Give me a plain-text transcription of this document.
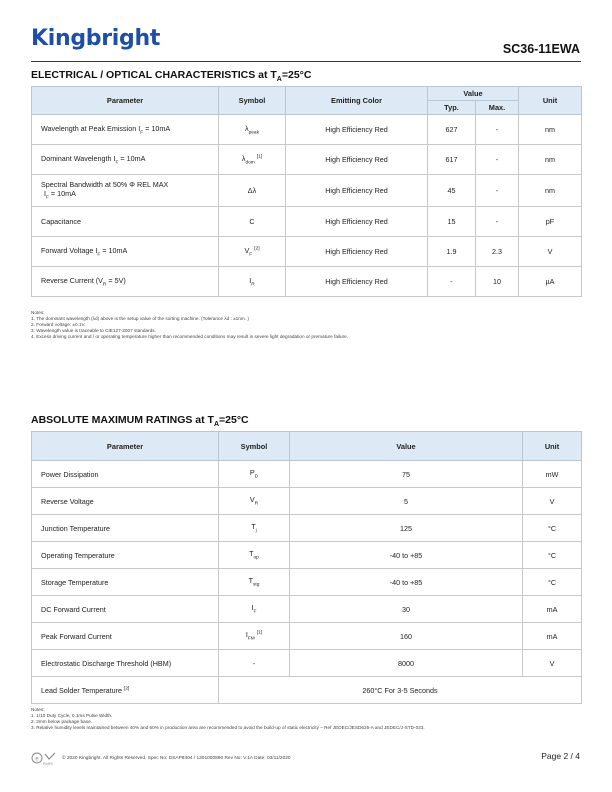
Kingbright	SC36-11EWA
ELECTRICAL / OPTICAL CHARACTERISTICS at $T_A=25^\circ C$
Parameter	Symbol	Emitting Color	Value		Unit
			Typ.	Max.	
Wavelength at Peak Emission $I_F = 10mA$	$\lambda_{peak}$	High Efficiency Red	627	-	nm
Dominant Wavelength $I_F = 10mA$	$\lambda_{dom}$ [1]	High Efficiency Red	617	-	nm
Spectral Bandwidth at 50% Φ REL MAX
$I_F = 10mA$	Δλ	High Efficiency Red	45	-	nm
Capacitance	C	High Efficiency Red	15	-	pF
Forward Voltage $I_F = 10mA$	$V_F$ [2]	High Efficiency Red	1.9	2.3	V
Reverse Current $(V_R = 5V)$	$I_R$	High Efficiency Red	-	10	µA
Notes:
1. The dominant wavelength (λd) above is the setup value of the sorting machine. (Tolerance λd : ±1nm. )
2. Forward voltage: ±0.1V.
3. Wavelength value is traceable to CIE127-2007 standards.
4. Excess driving current and / or operating temperature higher than recommended conditions may result in severe light degradation or premature failure.
ABSOLUTE MAXIMUM RATINGS at $T_A=25^\circ C$
Parameter	Symbol	Value	Unit
Power Dissipation	$P_D$	75	mW
Reverse Voltage	$V_R$	5	V
Junction Temperature	$T_j$	125	°C
Operating Temperature	$T_{op}$	-40 to +85	°C
Storage Temperature	$T_{stg}$	-40 to +85	°C
DC Forward Current	$I_F$	30	mA
Peak Forward Current	$I_{FM}$ [1]	160	mA
Electrostatic Discharge Threshold (HBM)	-	8000	V
Lead Solder Temperature [2]	260°C For 3-5 Seconds		
Notes:
1. 1/10 Duty Cycle, 0.1ms Pulse Width.
2. 2mm below package base.
3. Relative humidity levels maintained between 40% and 60% in production area are recommended to avoid the build-up of static electricity – Ref JEDEC/JESD625-A and JEDEC/J-STD-033.
e
RoHS
© 2020 Kingbright. All Rights Reserved. Spec No: DSAP8404 / 1301000890 Rev No: V.1A Date: 03/11/2020	Page 2 / 4
